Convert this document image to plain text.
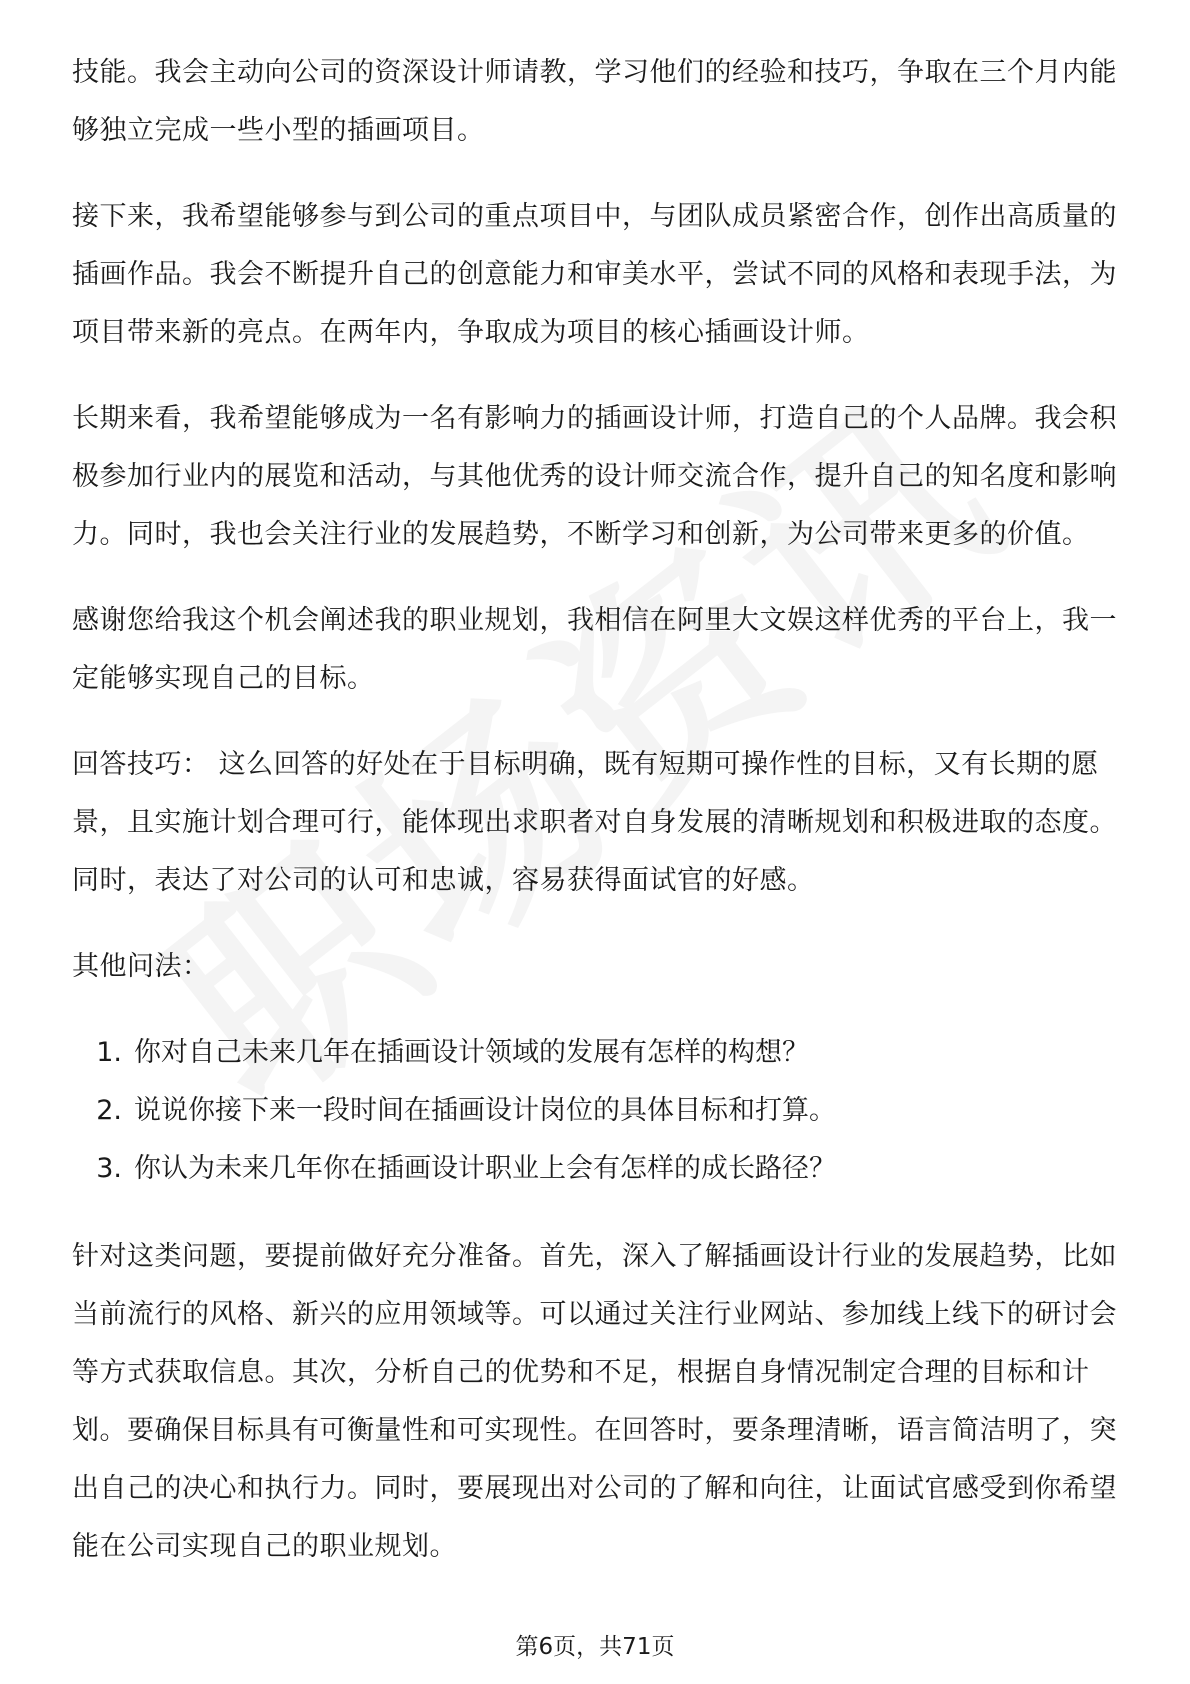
技能。我会主动向公司的资深设计师请教，学习他们的经验和技巧，争取在三个月内能够独立完成一些小型的插画项目。

接下来，我希望能够参与到公司的重点项目中，与团队成员紧密合作，创作出高质量的插画作品。我会不断提升自己的创意能力和审美水平，尝试不同的风格和表现手法，为项目带来新的亮点。在两年内，争取成为项目的核心插画设计师。

长期来看，我希望能够成为一名有影响力的插画设计师，打造自己的个人品牌。我会积极参加行业内的展览和活动，与其他优秀的设计师交流合作，提升自己的知名度和影响力。同时，我也会关注行业的发展趋势，不断学习和创新，为公司带来更多的价值。

感谢您给我这个机会阐述我的职业规划，我相信在阿里大文娱这样优秀的平台上，我一定能够实现自己的目标。

回答技巧： 这么回答的好处在于目标明确，既有短期可操作性的目标，又有长期的愿景，且实施计划合理可行，能体现出求职者对自身发展的清晰规划和积极进取的态度。同时，表达了对公司的认可和忠诚，容易获得面试官的好感。

其他问法：

1. 你对自己未来几年在插画设计领域的发展有怎样的构想？
2. 说说你接下来一段时间在插画设计岗位的具体目标和打算。
3. 你认为未来几年你在插画设计职业上会有怎样的成长路径？

针对这类问题，要提前做好充分准备。首先，深入了解插画设计行业的发展趋势，比如当前流行的风格、新兴的应用领域等。可以通过关注行业网站、参加线上线下的研讨会等方式获取信息。其次，分析自己的优势和不足，根据自身情况制定合理的目标和计划。要确保目标具有可衡量性和可实现性。在回答时，要条理清晰，语言简洁明了，突出自己的决心和执行力。同时，要展现出对公司的了解和向往，让面试官感受到你希望能在公司实现自己的职业规划。

第6页，共71页
